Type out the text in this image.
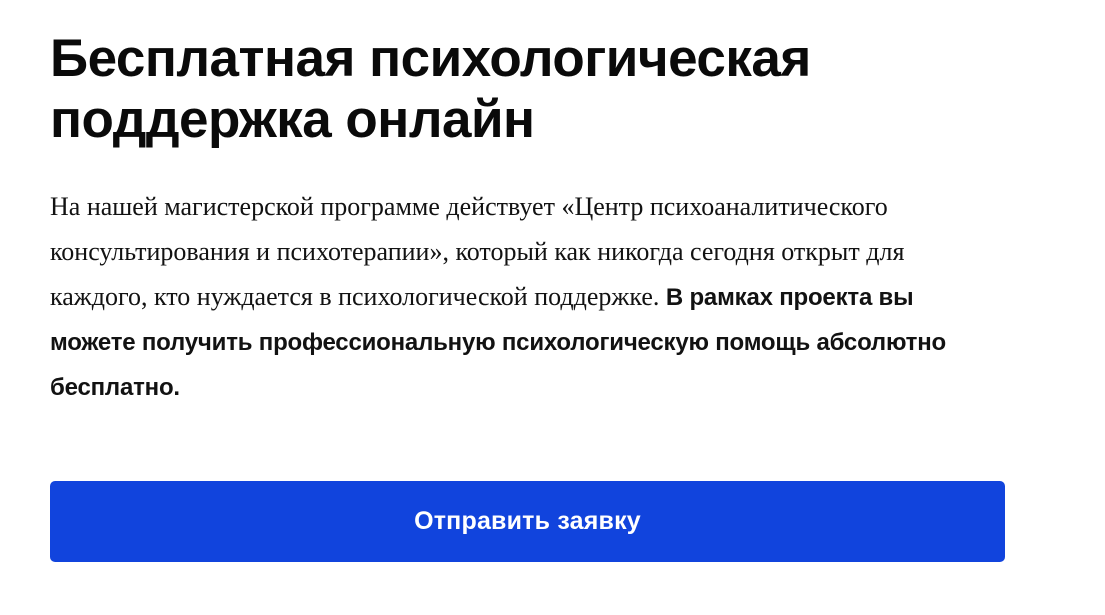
Бесплатная психологическая поддержка онлайн

На нашей магистерской программе действует «Центр психоаналитического консультирования и психотерапии», который как никогда сегодня открыт для каждого, кто нуждается в психологической поддержке. В рамках проекта вы можете получить профессиональную психологическую помощь абсолютно бесплатно.

Отправить заявку
